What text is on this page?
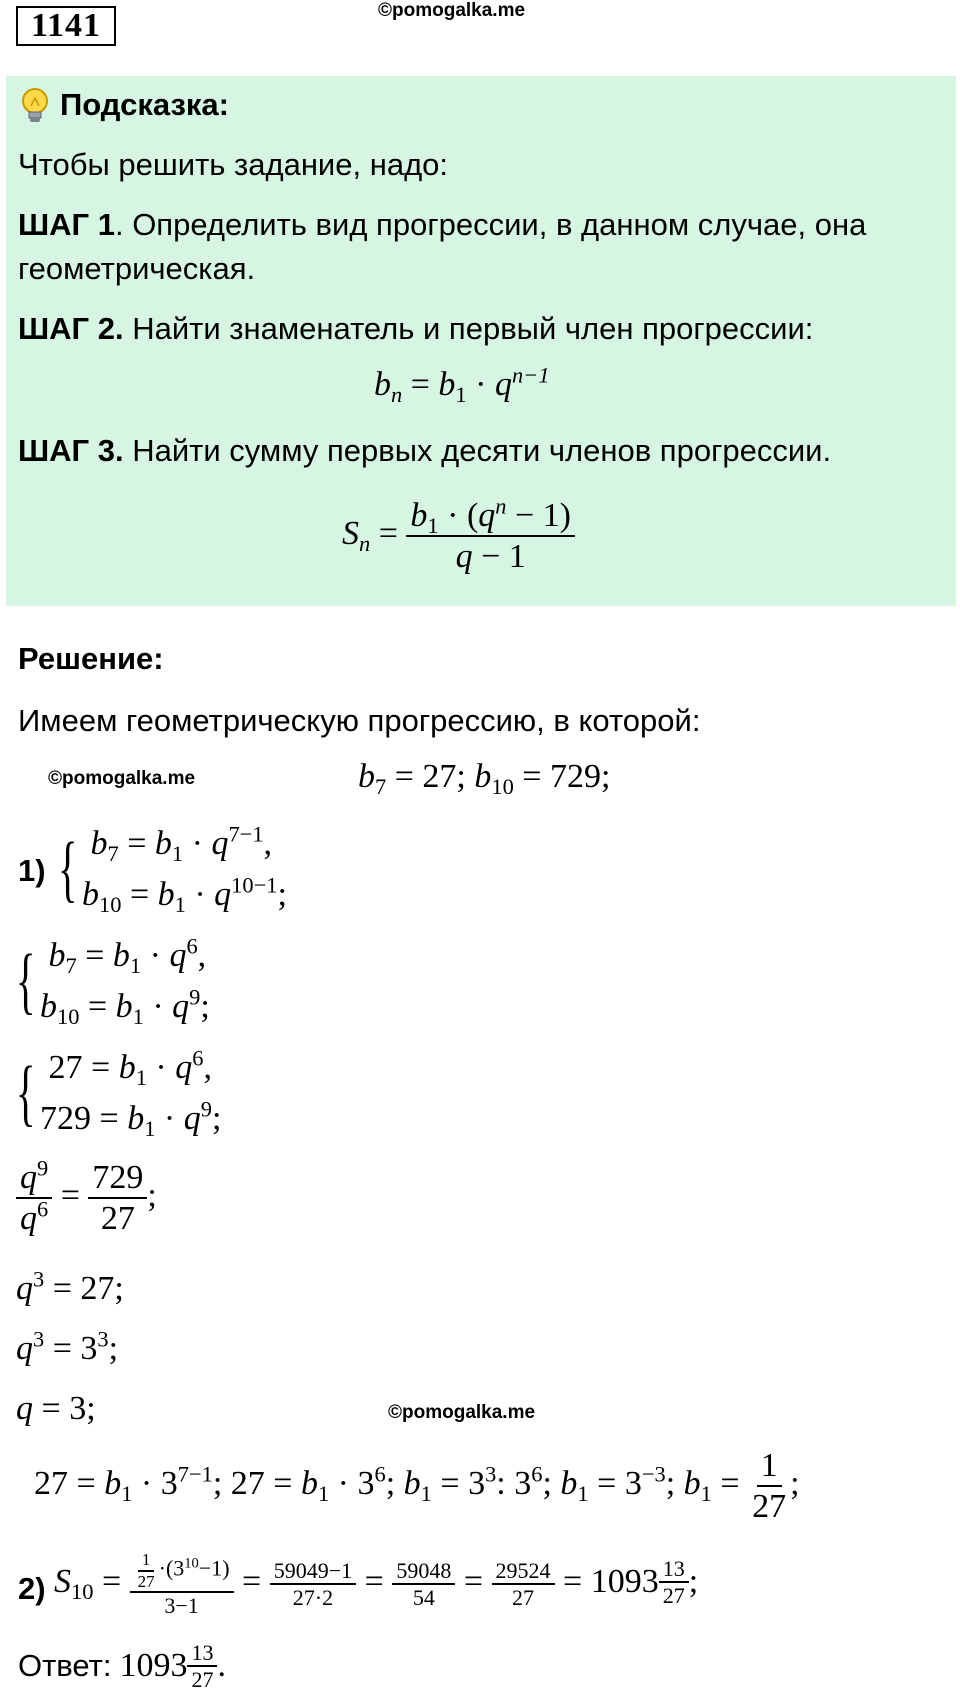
1141	©pomogalka.me
Подсказка:
Чтобы решить задание, надо:
ШАГ 1. Определить вид прогрессии, в данном случае, она
геометрическая.
ШАГ 2. Найти знаменатель и первый член прогрессии:
$b_n = b_1 \cdot q^{n-1}$
ШАГ 3. Найти сумму первых десяти членов прогрессии.
$S_n = \frac{b_1 \cdot (q^n - 1)}{q - 1}$
Решение:
Имеем геометрическую прогрессию, в которой:
©pomogalka.me	$b_7 = 27$; $b_{10} = 729$;
1) { $b_7 = b_1 \cdot q^{7-1}$,
$b_{10} = b_1 \cdot q^{10-1}$;
{ $b_7 = b_1 \cdot q^6$,
$b_{10} = b_1 \cdot q^9$;
{ $27 = b_1 \cdot q^6$,
$729 = b_1 \cdot q^9$;
$\frac{q^9}{q^6} = \frac{729}{27}$ ;
$q^3 = 27$;
$q^3 = 3^3$;
q = 3;	©pomogalka.me
$27 = b_1 \cdot 3^{7-1}$; $27 = b_1 \cdot 3^6$; $b_1 = 3^3$: $3^6$; $b_1 = 3^{-3}$; $b_1 = \frac{1}{27}$ ;
2) $S_{10} = \frac{\frac{1}{27} \cdot(3^{10}-1)}{3-1} = \frac{59049-1}{27\cdot 2} = \frac{59048}{54} = \frac{29524}{27} = 1093 \frac{13}{27}$ ;
Ответ: $1093 \frac{13}{27}$ .
